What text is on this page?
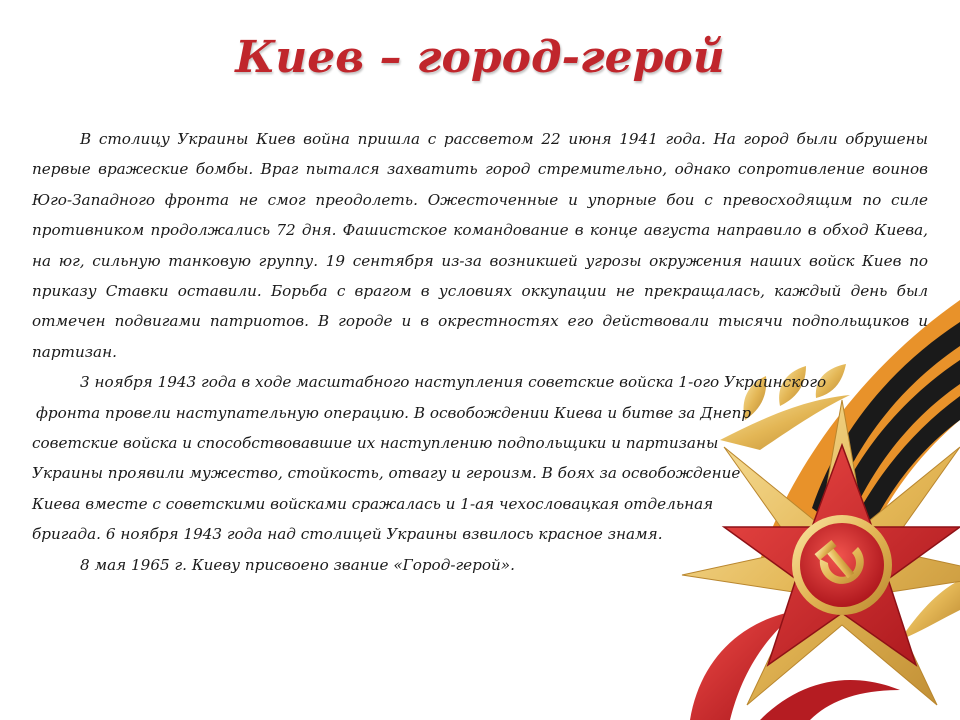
Киев – город-герой

В столицу Украины Киев война пришла с рассветом 22 июня 1941 года. На город были обрушены первые вражеские бомбы. Враг пытался захватить город стремительно, однако сопротивление воинов Юго-Западного фронта не смог преодолеть. Ожесточенные и упорные бои с превосходящим по силе противником продолжались 72 дня. Фашистское командование в конце августа направило в обход Киева, на юг, сильную танковую группу. 19 сентября из-за возникшей угрозы окружения наших войск Киев по приказу Ставки оставили. Борьба с врагом в условиях оккупации не прекращалась, каждый день был отмечен подвигами патриотов. В городе и в окрестностях его действовали тысячи подпольщиков и партизан.

3 ноября 1943 года в ходе масштабного наступления советские войска 1-ого Украинского

фронта провели наступательную операцию. В освобождении Киева и битве за Днепр

советские войска и способствовавшие их наступлению подпольщики и партизаны

Украины проявили мужество, стойкость, отвагу и героизм. В боях за освобождение

Киева вместе с советскими войсками сражалась и 1-ая чехословацкая отдельная

бригада. 6 ноября 1943 года над столицей Украины взвилось красное знамя.

8 мая 1965 г. Киеву присвоено звание «Город-герой».
